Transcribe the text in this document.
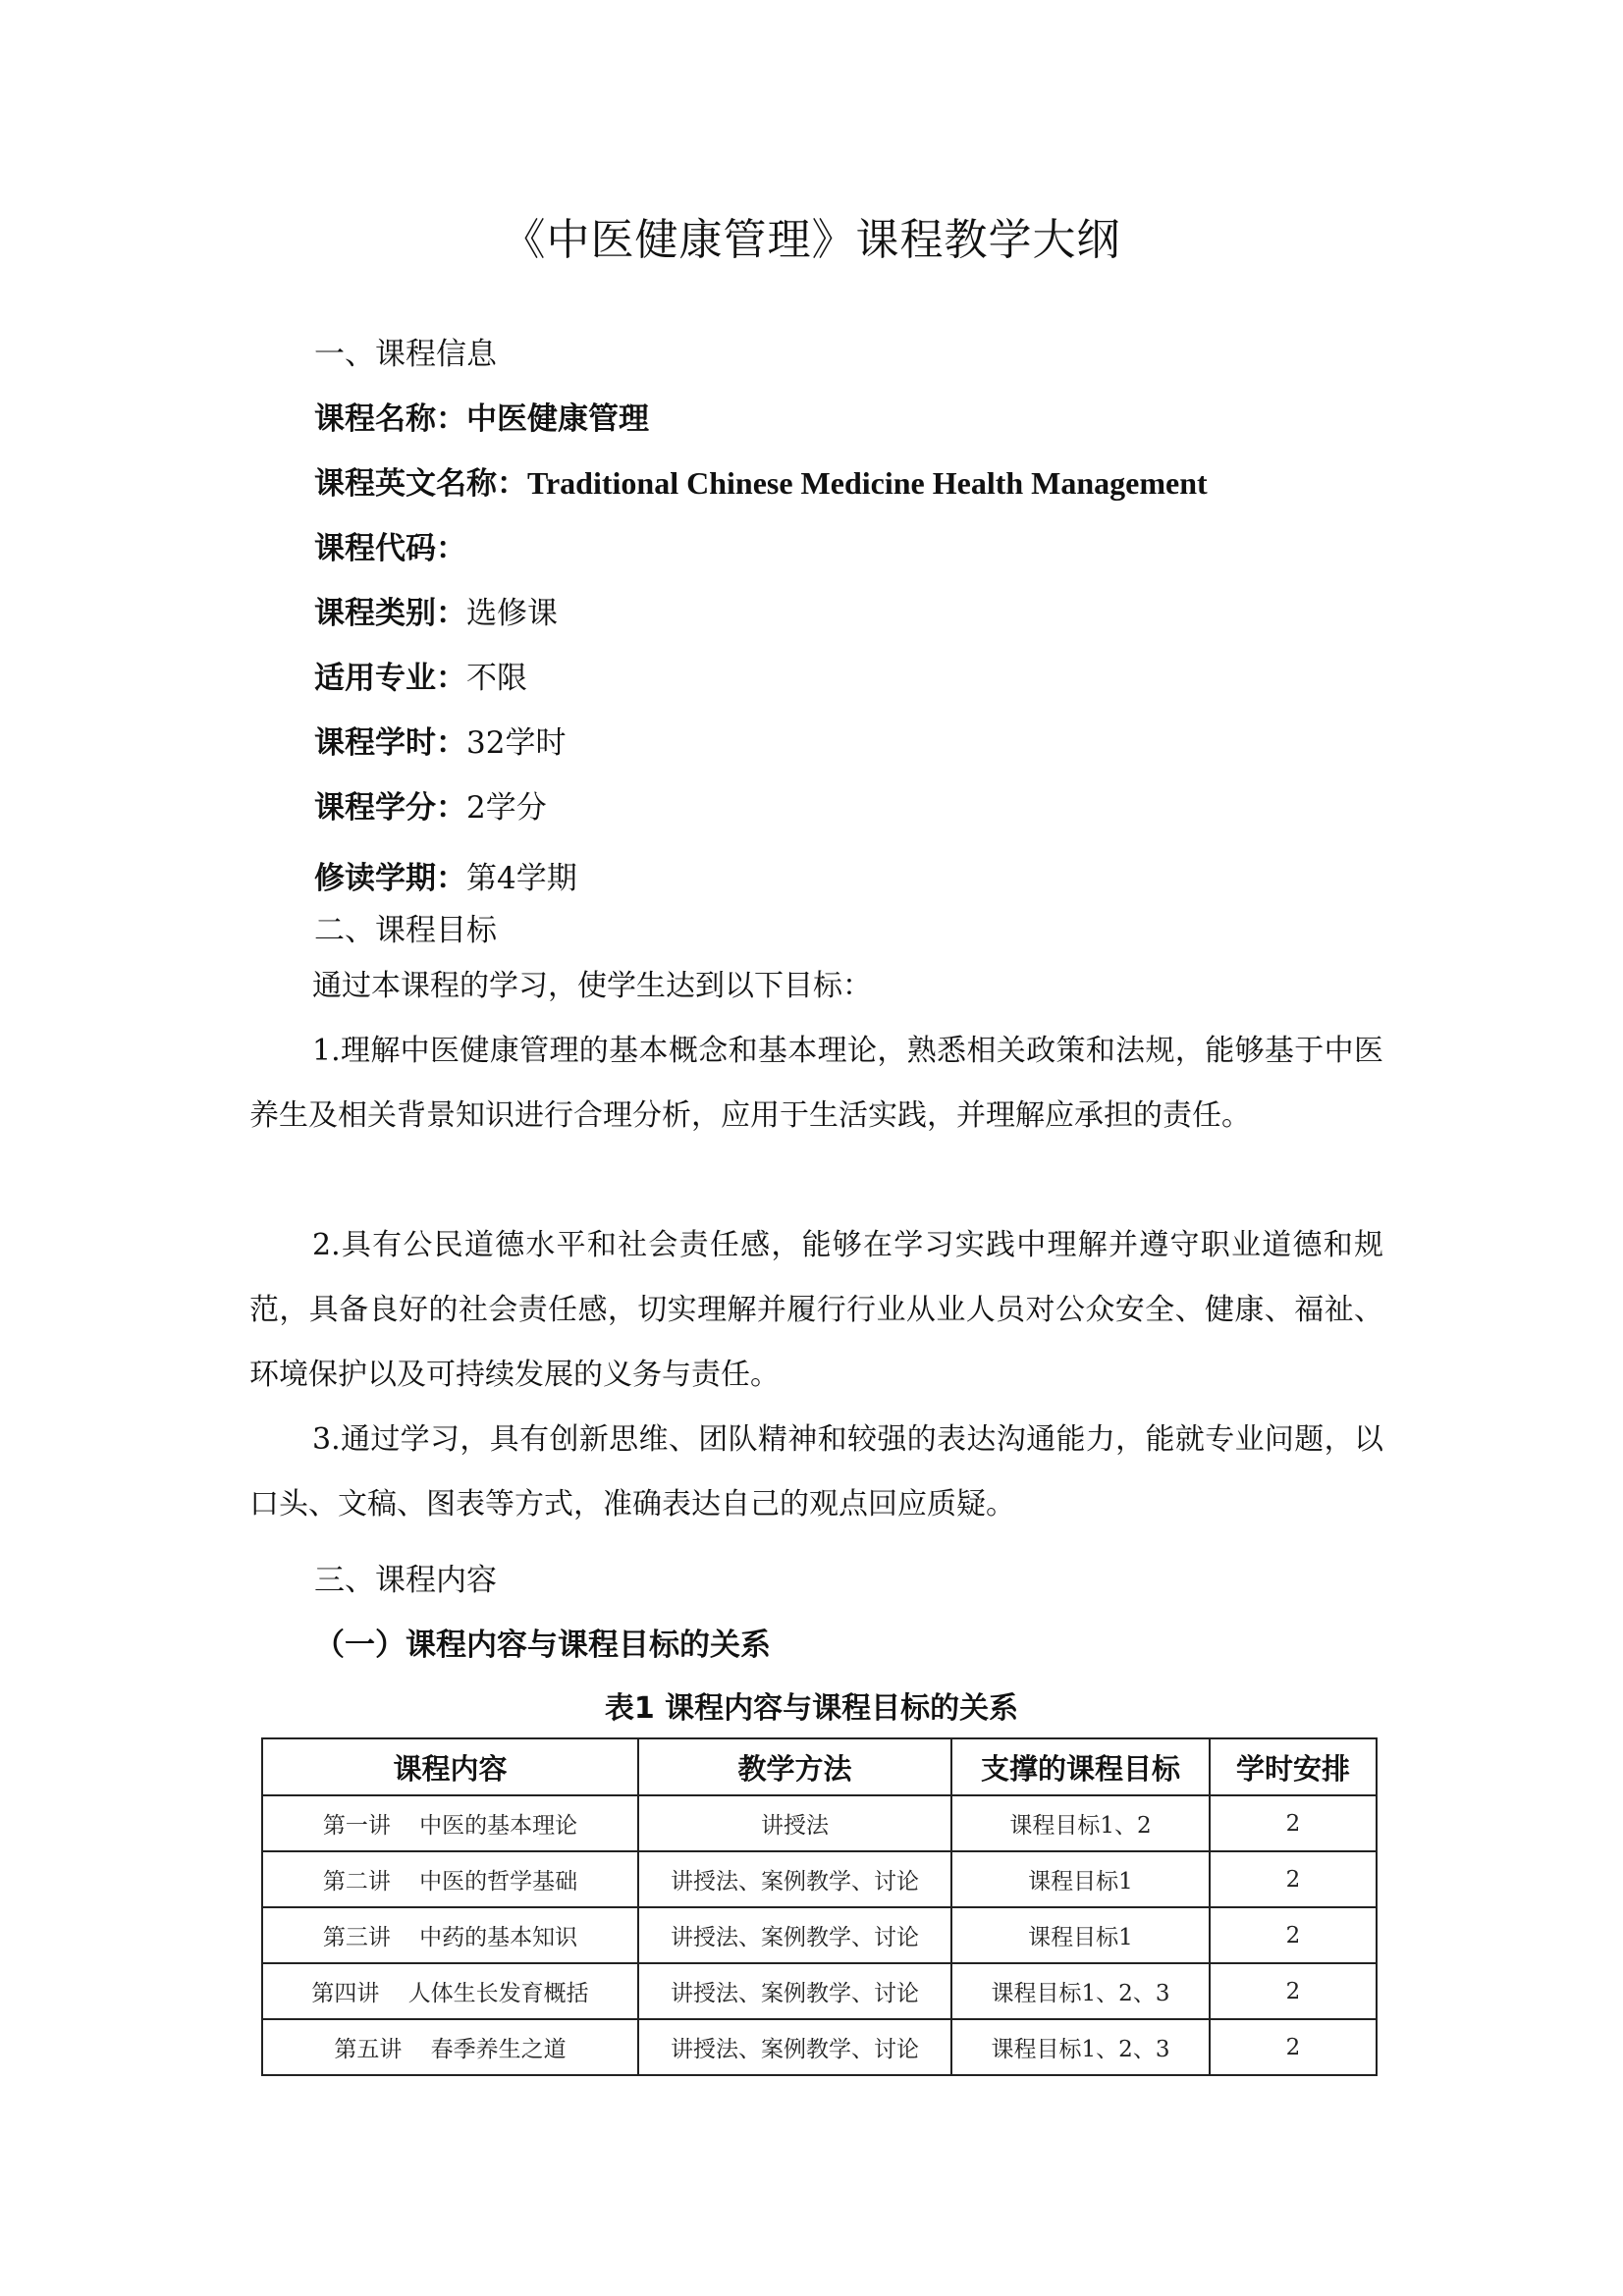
《中医健康管理》课程教学大纲
一、课程信息
课程名称：中医健康管理
课程英文名称：Traditional Chinese Medicine Health Management
课程代码：
课程类别：选修课
适用专业：不限
课程学时：32学时
课程学分：2学分
修读学期：第4学期
二、课程目标

通过本课程的学习，使学生达到以下目标：

1.理解中医健康管理的基本概念和基本理论，熟悉相关政策和法规，能够基于中医养生及相关背景知识进行合理分析，应用于生活实践，并理解应承担的责任。

2.具有公民道德水平和社会责任感，能够在学习实践中理解并遵守职业道德和规范，具备良好的社会责任感，切实理解并履行行业从业人员对公众安全、健康、福祉、环境保护以及可持续发展的义务与责任。

3.通过学习，具有创新思维、团队精神和较强的表达沟通能力，能就专业问题，以口头、文稿、图表等方式，准确表达自己的观点回应质疑。

三、课程内容
（一）课程内容与课程目标的关系
表1 课程内容与课程目标的关系
课程内容	教学方法	支撑的课程目标	学时安排
第一讲    中医的基本理论	讲授法	课程目标1、2	2
第二讲    中医的哲学基础	讲授法、案例教学、讨论	课程目标1	2
第三讲    中药的基本知识	讲授法、案例教学、讨论	课程目标1	2
第四讲    人体生长发育概括	讲授法、案例教学、讨论	课程目标1、2、3	2
第五讲    春季养生之道	讲授法、案例教学、讨论	课程目标1、2、3	2
